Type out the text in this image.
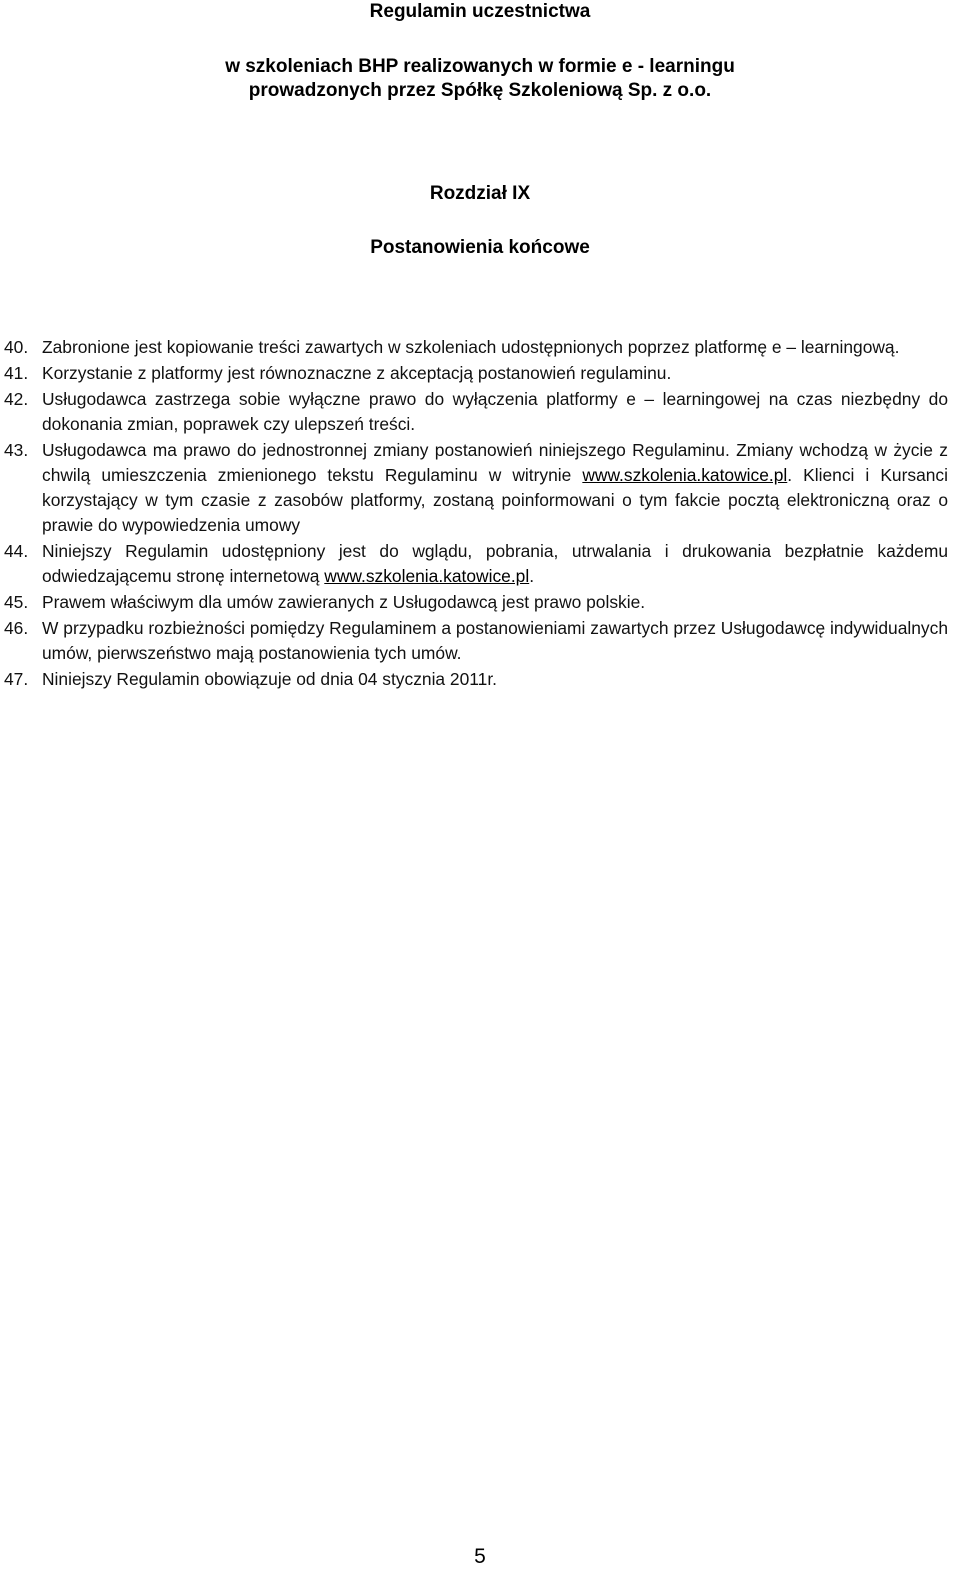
Regulamin uczestnictwa
w szkoleniach BHP realizowanych w formie e - learningu
prowadzonych przez Spółkę Szkoleniową Sp. z o.o.
Rozdział IX
Postanowienia końcowe
40. Zabronione jest kopiowanie treści zawartych w szkoleniach udostępnionych poprzez platformę e – learningową.
41. Korzystanie z platformy jest równoznaczne z akceptacją postanowień regulaminu.
42. Usługodawca zastrzega sobie wyłączne prawo do wyłączenia platformy e – learningowej na czas niezbędny do dokonania zmian, poprawek czy ulepszeń treści.
43. Usługodawca ma prawo do jednostronnej zmiany postanowień niniejszego Regulaminu. Zmiany wchodzą w życie z chwilą umieszczenia zmienionego tekstu Regulaminu w witrynie www.szkolenia.katowice.pl. Klienci i Kursanci korzystający w tym czasie z zasobów platformy, zostaną poinformowani o tym fakcie pocztą elektroniczną oraz o prawie do wypowiedzenia umowy
44. Niniejszy Regulamin udostępniony jest do wglądu, pobrania, utrwalania i drukowania bezpłatnie każdemu odwiedzającemu stronę internetową www.szkolenia.katowice.pl.
45. Prawem właściwym dla umów zawieranych z Usługodawcą jest prawo polskie.
46. W przypadku rozbieżności pomiędzy Regulaminem a postanowieniami zawartych przez Usługodawcę indywidualnych umów, pierwszeństwo mają postanowienia tych umów.
47. Niniejszy Regulamin obowiązuje od dnia 04 stycznia 2011r.
5
